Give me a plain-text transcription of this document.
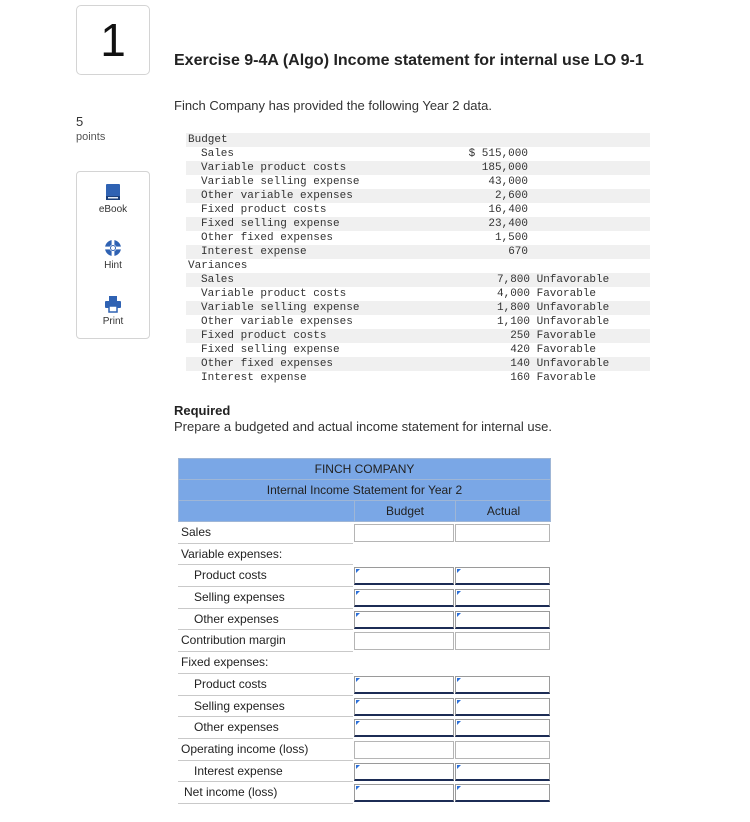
1
5
points
eBook
Hint
Print
Exercise 9-4A (Algo) Income statement for internal use LO 9-1
Finch Company has provided the following Year 2 data.
Budget
Sales	$ 515,000
Variable product costs	185,000
Variable selling expense	43,000
Other variable expenses	2,600
Fixed product costs	16,400
Fixed selling expense	23,400
Other fixed expenses	1,500
Interest expense	670
Variances
Sales	7,800 Unfavorable
Variable product costs	4,000 Favorable
Variable selling expense	1,800 Unfavorable
Other variable expenses	1,100 Unfavorable
Fixed product costs	250 Favorable
Fixed selling expense	420 Favorable
Other fixed expenses	140 Unfavorable
Interest expense	160 Favorable
Required
Prepare a budgeted and actual income statement for internal use.
FINCH COMPANY
Internal Income Statement for Year 2
Budget	Actual
Sales
Variable expenses:
Product costs
Selling expenses
Other expenses
Contribution margin
Fixed expenses:
Product costs
Selling expenses
Other expenses
Operating income (loss)
Interest expense
Net income (loss)
